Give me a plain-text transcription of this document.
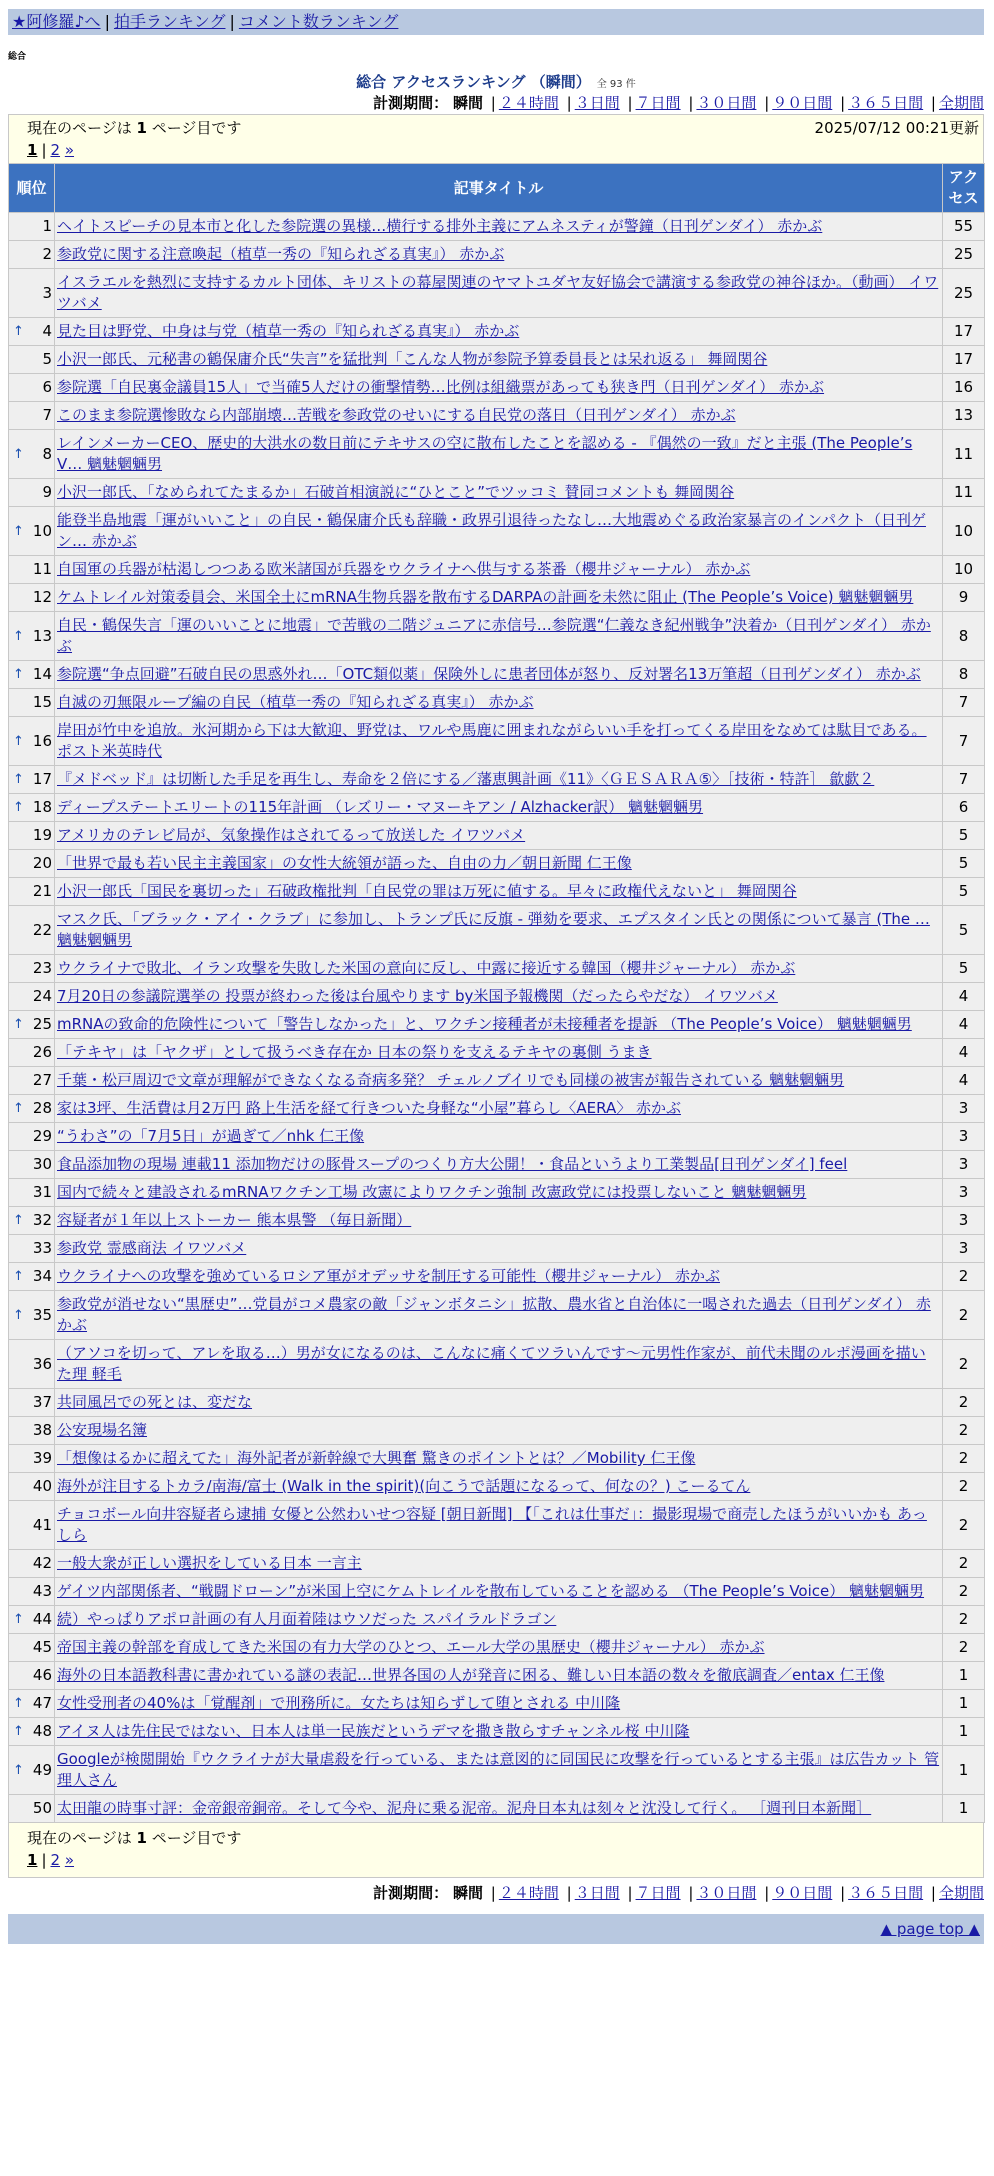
★阿修羅♪へ | 拍手ランキング | コメント数ランキング
総合
総合 アクセスランキング （瞬間） 全 93 件
計測期間： 瞬間 | ２４時間 | ３日間 | ７日間 | ３０日間 | ９０日間 | ３６５日間 | 全期間
現在のページは 1 ページ目です	2025/07/12 00:21更新
1 | 2 »
順位	記事タイトル	アクセス
1	ヘイトスピーチの見本市と化した参院選の異様…横行する排外主義にアムネスティが警鐘（日刊ゲンダイ） 赤かぶ	55
2	参政党に関する注意喚起（植草一秀の『知られざる真実』） 赤かぶ	25
3	イスラエルを熱烈に支持するカルト団体、キリストの幕屋関連のヤマトユダヤ友好協会で講演する参政党の神谷ほか。（動画） イワツバメ	25

↑ 4	見た目は野党、中身は与党（植草一秀の『知られざる真実』） 赤かぶ	17
5	小沢一郎氏、元秘書の鶴保庸介氏“失言”を猛批判「こんな人物が参院予算委員長とは呆れ返る」 舞岡関谷	17
6	参院選「自民裏金議員15人」で当確5人だけの衝撃情勢…比例は組織票があっても狭き門（日刊ゲンダイ） 赤かぶ	16
7	このまま参院選惨敗なら内部崩壊…苦戦を参政党のせいにする自民党の落日（日刊ゲンダイ） 赤かぶ	13

↑ 8	レインメーカーCEO、歴史的大洪水の数日前にテキサスの空に散布したことを認める - 『偶然の一致』だと主張 (The People’s V… 魑魅魍魎男	11
9	小沢一郎氏、「なめられてたまるか」石破首相演説に“ひとこと”でツッコミ 賛同コメントも 舞岡関谷	11

↑ 10	能登半島地震「運がいいこと」の自民・鶴保庸介氏も辞職・政界引退待ったなし…大地震めぐる政治家暴言のインパクト（日刊ゲン… 赤かぶ	10
11	自国軍の兵器が枯渇しつつある欧米諸国が兵器をウクライナへ供与する茶番（櫻井ジャーナル） 赤かぶ	10
12	ケムトレイル対策委員会、米国全土にmRNA生物兵器を散布するDARPAの計画を未然に阻止 (The People’s Voice) 魑魅魍魎男	9

↑ 13	自民・鶴保失言「運のいいことに地震」で苦戦の二階ジュニアに赤信号…参院選“仁義なき紀州戦争”決着か（日刊ゲンダイ） 赤かぶ	8

↑ 14	参院選“争点回避”石破自民の思惑外れ…「OTC類似薬」保険外しに患者団体が怒り、反対署名13万筆超（日刊ゲンダイ） 赤かぶ	8
15	自滅の刃無限ループ編の自民（植草一秀の『知られざる真実』） 赤かぶ	7

↑ 16	岸田が竹中を追放。氷河期から下は大歓迎、野党は、ワルや馬鹿に囲まれながらいい手を打ってくる岸田をなめては駄目である。 ポスト米英時代	7

↑ 17	『メドベッド』は切断した手足を再生し、寿命を２倍にする／藩恵興計画《11》〈ＧＥＳＡＲＡ⑤〉［技術・特許］ 歙歔２	7

↑ 18	ディープステートエリートの115年計画 （レズリー・マヌーキアン / Alzhacker訳） 魑魅魍魎男	6
19	アメリカのテレビ局が、気象操作はされてるって放送した イワツバメ	5
20	「世界で最も若い民主主義国家」の女性大統領が語った、自由の力／朝日新聞 仁王像	5
21	小沢一郎氏「国民を裏切った」石破政権批判「自民党の罪は万死に値する。早々に政権代えないと」 舞岡関谷	5
22	マスク氏、「ブラック・アイ・クラブ」に参加し、トランプ氏に反旗 - 弾劾を要求、エプスタイン氏との関係について暴言 (The … 魑魅魍魎男	5
23	ウクライナで敗北、イラン攻撃を失敗した米国の意向に反し、中露に接近する韓国（櫻井ジャーナル） 赤かぶ	5
24	7月20日の参議院選挙の 投票が終わった後は台風やります by米国予報機関（だったらやだな） イワツバメ	4

↑ 25	mRNAの致命的危険性について「警告しなかった」と、ワクチン接種者が未接種者を提訴 （The People’s Voice） 魑魅魍魎男	4
26	「テキヤ」は「ヤクザ」として扱うべき存在か 日本の祭りを支えるテキヤの裏側 うまき	4
27	千葉・松戸周辺で文章が理解ができなくなる奇病多発？ チェルノブイリでも同様の被害が報告されている 魑魅魍魎男	4

↑ 28	家は3坪、生活費は月2万円 路上生活を経て行きついた身軽な“小屋”暮らし〈AERA〉 赤かぶ	3
29	“うわさ”の「7月5日」が過ぎて／nhk 仁王像	3
30	食品添加物の現場 連載11 添加物だけの豚骨スープのつくり方大公開！・食品というより工業製品[日刊ゲンダイ] feel	3
31	国内で続々と建設されるmRNAワクチン工場 改憲によりワクチン強制 改憲政党には投票しないこと 魑魅魍魎男	3

↑ 32	容疑者が１年以上ストーカー 熊本県警 （毎日新聞）	3
33	参政党 霊感商法 イワツバメ	3

↑ 34	ウクライナへの攻撃を強めているロシア軍がオデッサを制圧する可能性（櫻井ジャーナル） 赤かぶ	2

↑ 35	参政党が消せない“黒歴史”…党員がコメ農家の敵「ジャンボタニシ」拡散、農水省と自治体に一喝された過去（日刊ゲンダイ） 赤かぶ	2
36	（アソコを切って、アレを取る…）男が女になるのは、こんなに痛くてツラいんです〜元男性作家が、前代未聞のルポ漫画を描いた理 軽毛	2
37	共同風呂での死とは、変だな	2
38	公安現場名簿	2
39	「想像はるかに超えてた」海外記者が新幹線で大興奮 驚きのポイントとは？／Mobility 仁王像	2
40	海外が注目するトカラ/南海/富士 (Walk in the spirit)(向こうで話題になるって、何なの？) こーるてん	2
41	チョコボール向井容疑者ら逮捕 女優と公然わいせつ容疑 [朝日新聞] 【「これは仕事だ」：撮影現場で商売したほうがいいかも あっしら	2
42	一般大衆が正しい選択をしている日本 一言主	2
43	ゲイツ内部関係者、“戦闘ドローン”が米国上空にケムトレイルを散布していることを認める （The People’s Voice） 魑魅魍魎男	2

↑ 44	続）やっぱりアポロ計画の有人月面着陸はウソだった スパイラルドラゴン	2
45	帝国主義の幹部を育成してきた米国の有力大学のひとつ、エール大学の黒歴史（櫻井ジャーナル） 赤かぶ	2
46	海外の日本語教科書に書かれている謎の表記…世界各国の人が発音に困る、難しい日本語の数々を徹底調査／entax 仁王像	1

↑ 47	女性受刑者の40%は「覚醒剤」で刑務所に。女たちは知らずして堕とされる 中川隆	1

↑ 48	アイヌ人は先住民ではない、日本人は単一民族だというデマを撒き散らすチャンネル桜 中川隆	1

↑ 49	Googleが検閲開始『ウクライナが大量虐殺を行っている、または意図的に同国民に攻撃を行っているとする主張』は広告カット 管理人さん	1
50	太田龍の時事寸評：金帝銀帝銅帝。そして今や、泥舟に乗る泥帝。泥舟日本丸は刻々と沈没して行く。 ［週刊日本新聞］	1
現在のページは 1 ページ目です
1 | 2 »
計測期間： 瞬間 | ２４時間 | ３日間 | ７日間 | ３０日間 | ９０日間 | ３６５日間 | 全期間
▲ page top ▲
